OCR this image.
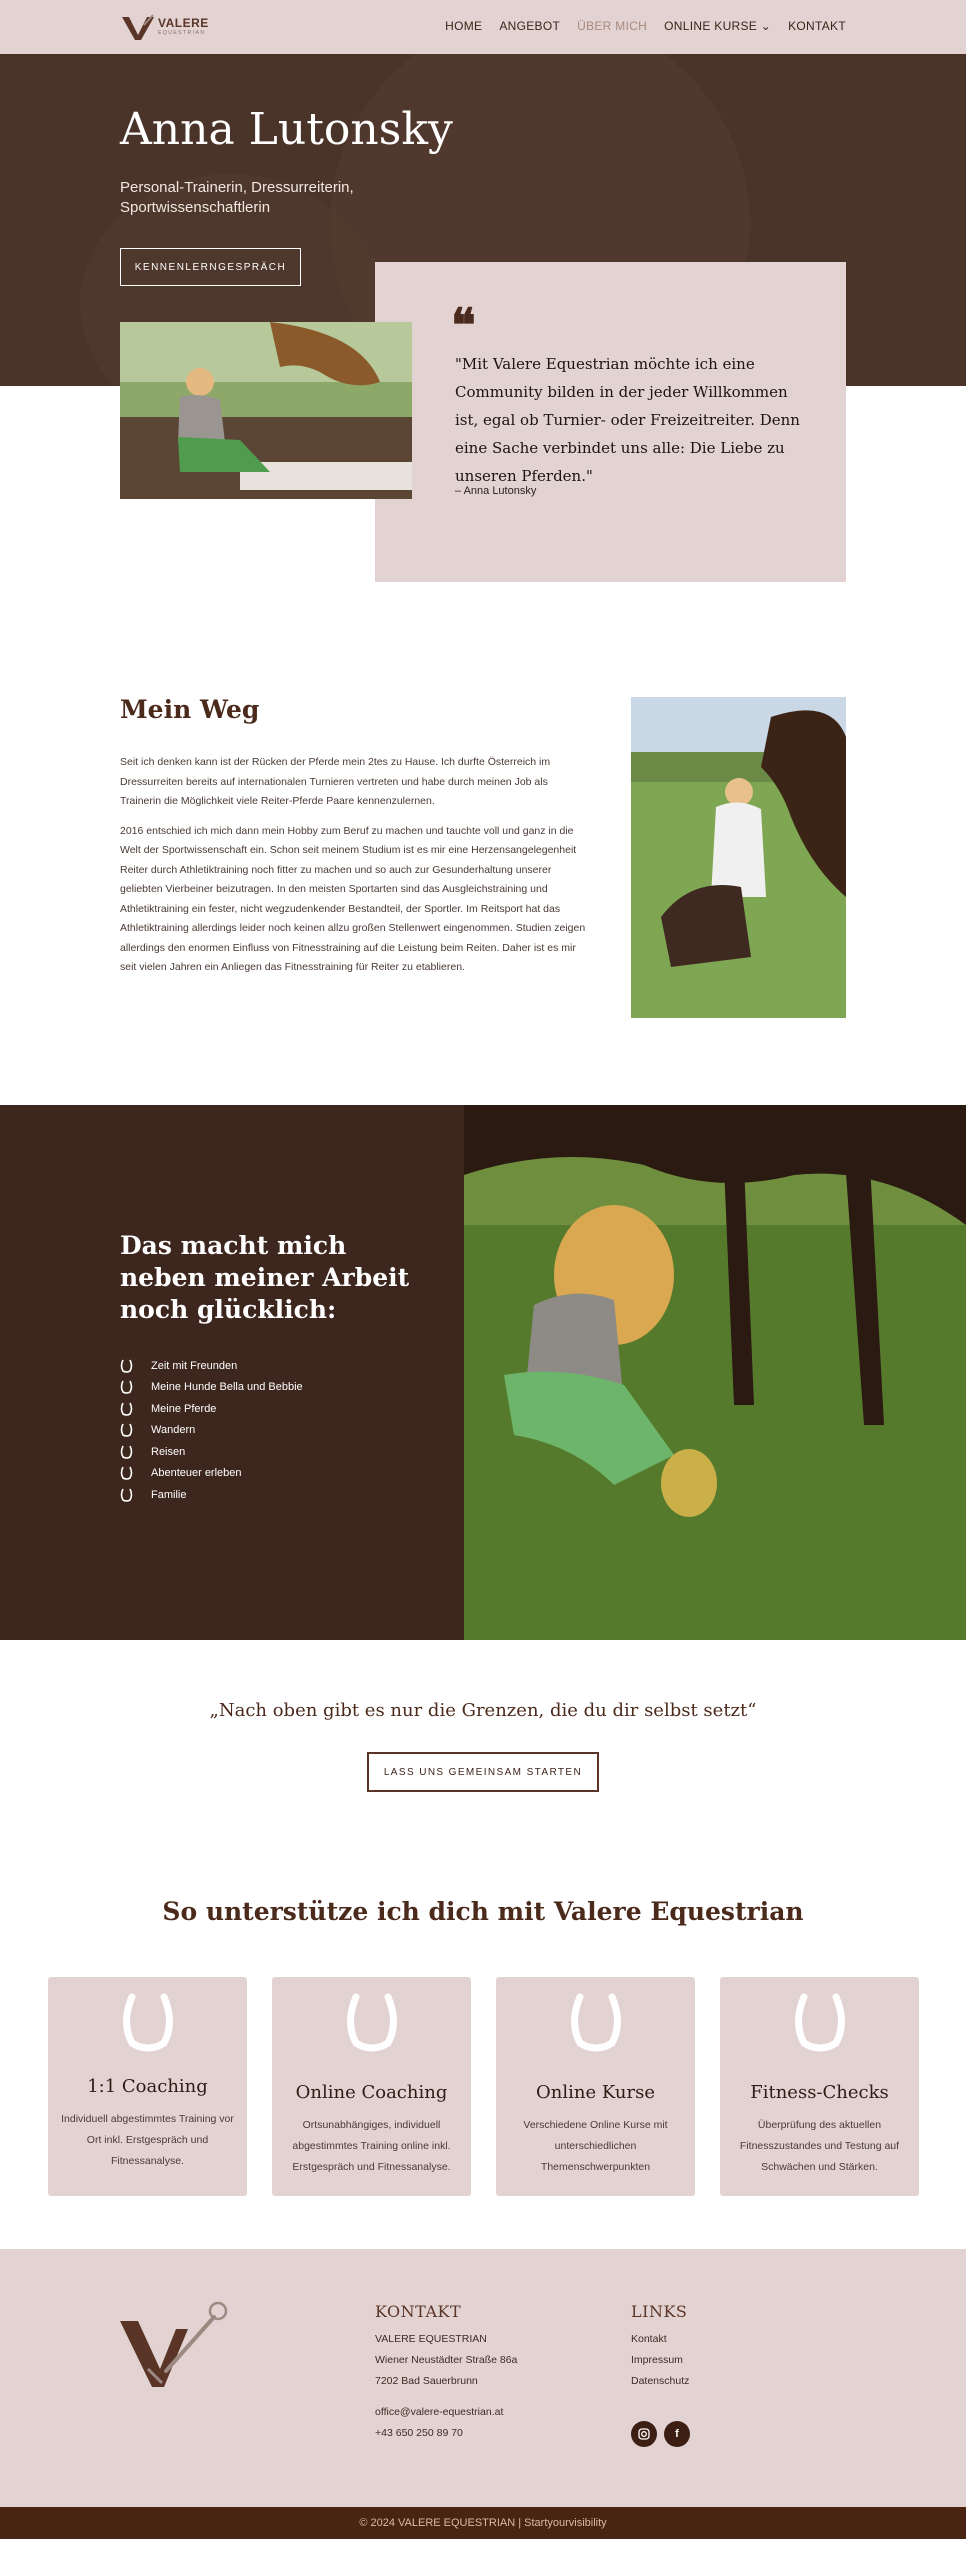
VALERE
EQUESTRIAN	HOME ANGEBOT ÜBER MICH ONLINE KURSE ⌄ KONTAKT
Anna Lutonsky

Personal-Trainerin, Dressurreiterin, Sportwissenschaftlerin

KENNENLERNGESPRÄCH
❝

"Mit Valere Equestrian möchte ich eine Community bilden in der jeder Willkommen ist, egal ob Turnier- oder Freizeitreiter. Denn eine Sache verbindet uns alle: Die Liebe zu unseren Pferden."

– Anna Lutonsky

Mein Weg

Seit ich denken kann ist der Rücken der Pferde mein 2tes zu Hause. Ich durfte Österreich im Dressurreiten bereits auf internationalen Turnieren vertreten und habe durch meinen Job als Trainerin die Möglichkeit viele Reiter-Pferde Paare kennenzulernen.

2016 entschied ich mich dann mein Hobby zum Beruf zu machen und tauchte voll und ganz in die Welt der Sportwissenschaft ein. Schon seit meinem Studium ist es mir eine Herzensangelegenheit Reiter durch Athletiktraining noch fitter zu machen und so auch zur Gesunderhaltung unserer geliebten Vierbeiner beizutragen. In den meisten Sportarten sind das Ausgleichstraining und Athletiktraining ein fester, nicht wegzudenkender Bestandteil, der Sportler. Im Reitsport hat das Athletiktraining allerdings leider noch keinen allzu großen Stellenwert eingenommen. Studien zeigen allerdings den enormen Einfluss von Fitnesstraining auf die Leistung beim Reiten. Daher ist es mir seit vielen Jahren ein Anliegen das Fitnesstraining für Reiter zu etablieren.

Das macht mich neben meiner Arbeit noch glücklich:
Zeit mit Freunden
Meine Hunde Bella und Bebbie
Meine Pferde
Wandern
Reisen
Abenteuer erleben
Familie

„Nach oben gibt es nur die Grenzen, die du dir selbst setzt“

LASS UNS GEMEINSAM STARTEN
So unterstütze ich dich mit Valere Equestrian
1:1 Coaching
Individuell abgestimmtes Training vor Ort inkl. Erstgespräch und Fitnessanalyse.
Online Coaching
Ortsunabhängiges, individuell abgestimmtes Training online inkl. Erstgespräch und Fitnessanalyse.
Online Kurse
Verschiedene Online Kurse mit unterschiedlichen Themenschwerpunkten
Fitness-Checks
Überprüfung des aktuellen Fitnesszustandes und Testung auf Schwächen und Stärken.
KONTAKT
VALERE EQUESTRIAN
Wiener Neustädter Straße 86a
7202 Bad Sauerbrunn
office@valere-equestrian.at
+43 650 250 89 70
LINKS
Kontakt
Impressum
Datenschutz
f
© 2024 VALERE EQUESTRIAN | Startyourvisibility
